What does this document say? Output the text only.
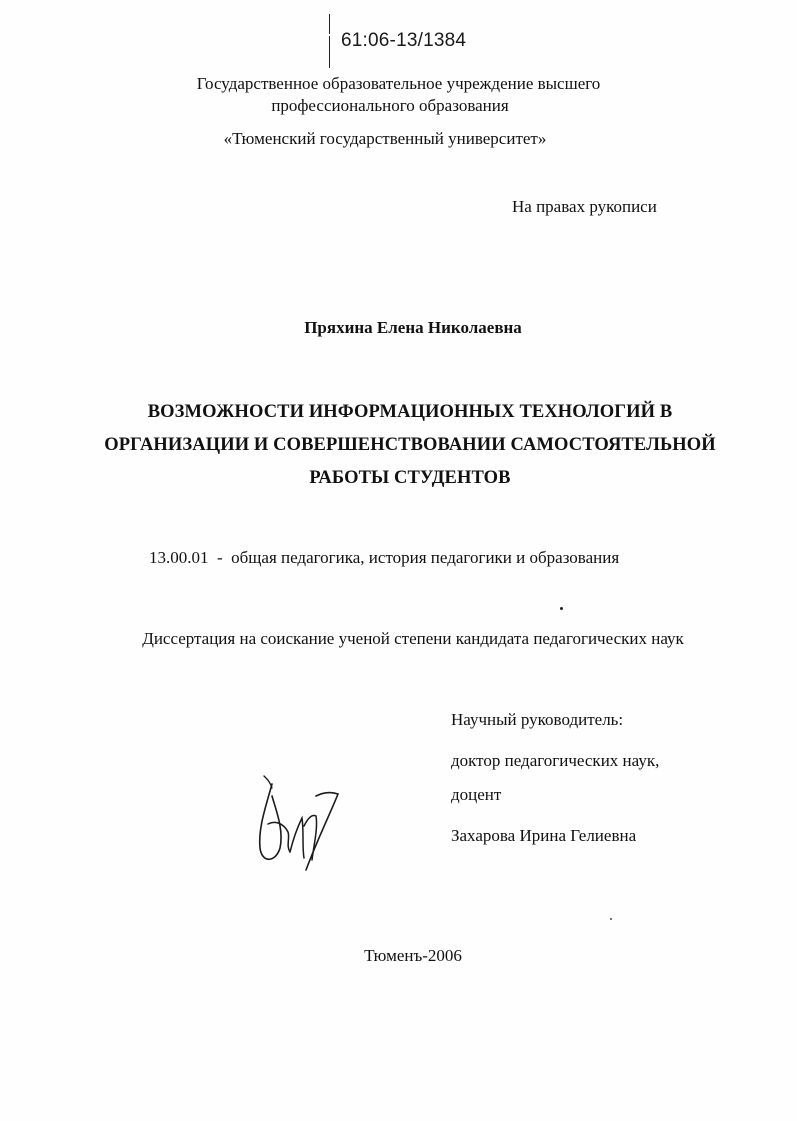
61:06-13/1384
Государственное образовательное учреждение высшего
профессионального образования
«Тюменский государственный университет»
На правах рукописи
Пряхина Елена Николаевна
ВОЗМОЖНОСТИ ИНФОРМАЦИОННЫХ ТЕХНОЛОГИЙ В
ОРГАНИЗАЦИИ И СОВЕРШЕНСТВОВАНИИ САМОСТОЯТЕЛЬНОЙ
РАБОТЫ СТУДЕНТОВ
13.00.01  -  общая педагогика, история педагогики и образования
Диссертация на соискание ученой степени кандидата педагогических наук
Научный руководитель:
доктор педагогических наук,
доцент
Захарова Ирина Гелиевна
Тюменъ-2006
